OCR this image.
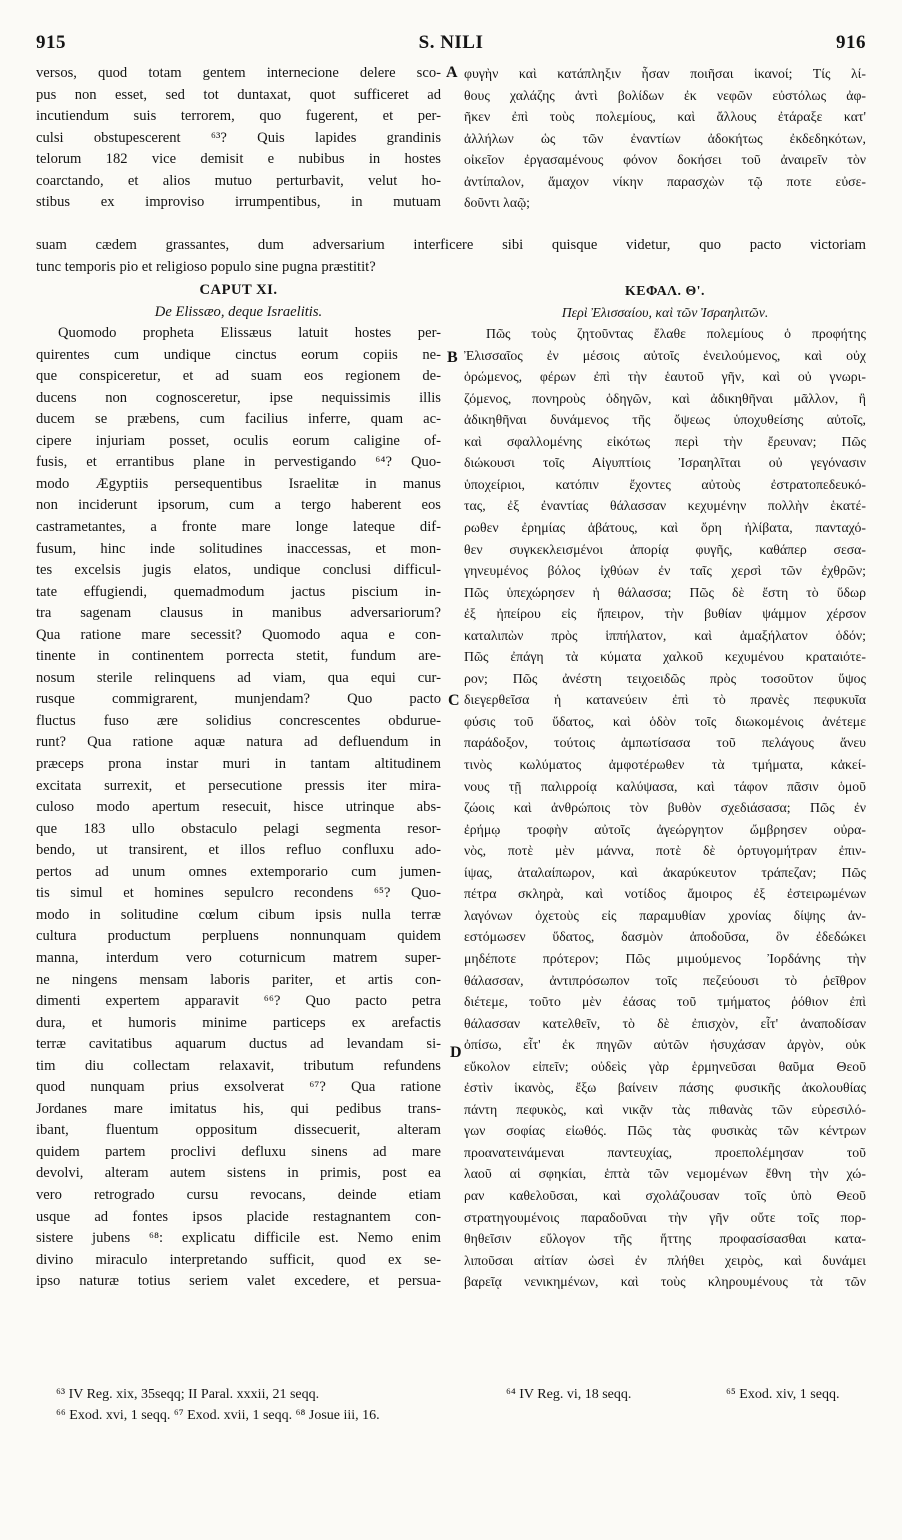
915	S. NILI	916
A
B
C
D
versos, quod totam gentem internecione delere sco-
pus non esset, sed tot duntaxat, quot sufficeret ad
incutiendum suis terrorem, quo fugerent, et per-
culsi obstupescerent ⁶³? Quis lapides grandinis
telorum 182 vice demisit e nubibus in hostes
coarctando, et alios mutuo perturbavit, velut ho-
stibus ex improviso irrumpentibus, in mutuam
φυγὴν καὶ κατάπληξιν ἦσαν ποιῆσαι ἱκανοί; Τίς λί-
θους χαλάζης ἀντὶ βολίδων ἐκ νεφῶν εὐστόλως ἀφ-
ῆκεν ἐπὶ τοὺς πολεμίους, καὶ ἄλλους ἐτάραξε κατ'
ἀλλήλων ὡς τῶν ἐναντίων ἀδοκήτως ἐκδεδηκότων,
οἰκεῖον ἐργασαμένους φόνον δοκήσει τοῦ ἀναιρεῖν τὸν
ἀντίπαλον, ἄμαχον νίκην παρασχὼν τῷ ποτε εὐσε-
δοῦντι λαῷ;
suam cædem grassantes, dum adversarium interficere sibi quisque videtur, quo pacto victoriam
tunc temporis pio et religioso populo sine pugna præstitit?
CAPUT XI.
De Elissæo, deque Israelitis.
Quomodo propheta Elissæus latuit hostes per-
quirentes cum undique cinctus eorum copiis ne-
que conspiceretur, et ad suam eos regionem de-
ducens non cognosceretur, ipse nequissimis illis
ducem se præbens, cum facilius inferre, quam ac-
cipere injuriam posset, oculis eorum caligine of-
fusis, et errantibus plane in pervestigando ⁶⁴? Quo-
modo Ægyptiis persequentibus Israelitæ in manus
non inciderunt ipsorum, cum a tergo haberent eos
castrametantes, a fronte mare longe lateque dif-
fusum, hinc inde solitudines inaccessas, et mon-
tes excelsis jugis elatos, undique conclusi difficul-
tate effugiendi, quemadmodum jactus piscium in-
tra sagenam clausus in manibus adversariorum?
Qua ratione mare secessit? Quomodo aqua e con-
tinente in continentem porrecta stetit, fundum are-
nosum sterile relinquens ad viam, qua equi cur-
rusque commigrarent, munjendam? Quo pacto
fluctus fuso ære solidius concrescentes obdurue-
runt? Qua ratione aquæ natura ad defluendum in
præceps prona instar muri in tantam altitudinem
excitata surrexit, et persecutione pressis iter mira-
culoso modo apertum resecuit, hisce utrinque abs-
que 183 ullo obstaculo pelagi segmenta resor-
bendo, ut transirent, et illos refluo confluxu ado-
pertos ad unum omnes extemporario cum jumen-
tis simul et homines sepulcro recondens ⁶⁵? Quo-
modo in solitudine cœlum cibum ipsis nulla terræ
cultura productum perpluens nonnunquam quidem
manna, interdum vero coturnicum matrem super-
ne ningens mensam laboris pariter, et artis con-
dimenti expertem apparavit ⁶⁶? Quo pacto petra
dura, et humoris minime particeps ex arefactis
terræ cavitatibus aquarum ductus ad levandam si-
tim diu collectam relaxavit, tributum refundens
quod nunquam prius exsolverat ⁶⁷? Qua ratione
Jordanes mare imitatus his, qui pedibus trans-
ibant, fluentum oppositum dissecuerit, alteram
quidem partem proclivi defluxu sinens ad mare
devolvi, alteram autem sistens in primis, post ea
vero retrogrado cursu revocans, deinde etiam
usque ad fontes ipsos placide restagnantem con-
sistere jubens ⁶⁸: explicatu difficile est. Nemo enim
divino miraculo interpretando sufficit, quod ex se-
ipso naturæ totius seriem valet excedere, et persua-
ΚΕΦΑΛ. Θ'.
Περὶ Ἐλισσαίου, καὶ τῶν Ἰσραηλιτῶν.
Πῶς τοὺς ζητοῦντας ἔλαθε πολεμίους ὁ προφήτης
Ἐλισσαῖος ἐν μέσοις αὐτοῖς ἐνειλούμενος, καὶ οὐχ
ὁρώμενος, φέρων ἐπὶ τὴν ἑαυτοῦ γῆν, καὶ οὐ γνωρι-
ζόμενος, πονηροὺς ὁδηγῶν, καὶ ἀδικηθῆναι μᾶλλον, ἢ
ἀδικηθῆναι δυνάμενος τῆς ὄψεως ὑποχυθείσης αὐτοῖς,
καὶ σφαλλομένης εἰκότως περὶ τὴν ἔρευναν; Πῶς
διώκουσι τοῖς Αἰγυπτίοις Ἰσραηλῖται οὐ γεγόνασιν
ὑποχείριοι, κατόπιν ἔχοντες αὐτοὺς ἐστρατοπεδευκό-
τας, ἐξ ἐναντίας θάλασσαν κεχυμένην πολλὴν ἑκατέ-
ρωθεν ἐρημίας ἀβάτους, καὶ ὄρη ἠλίβατα, πανταχό-
θεν συγκεκλεισμένοι ἀπορίᾳ φυγῆς, καθάπερ σεσα-
γηνευμένος βόλος ἰχθύων ἐν ταῖς χερσὶ τῶν ἐχθρῶν;
Πῶς ὑπεχώρησεν ἡ θάλασσα; Πῶς δὲ ἔστη τὸ ὕδωρ
ἐξ ἠπείρου εἰς ἤπειρον, τὴν βυθίαν ψάμμον χέρσον
καταλιπὼν πρὸς ἱππήλατον, καὶ ἁμαξήλατον ὁδόν;
Πῶς ἐπάγη τὰ κύματα χαλκοῦ κεχυμένου κραταιότε-
ρον; Πῶς ἀνέστη τειχοειδῶς πρὸς τοσοῦτον ὕψος
διεγερθεῖσα ἡ κατανεύειν ἐπὶ τὸ πρανὲς πεφυκυῖα
φύσις τοῦ ὕδατος, καὶ ὁδὸν τοῖς διωκομένοις ἀνέτεμε
παράδοξον, τούτοις ἀμπωτίσασα τοῦ πελάγους ἄνευ
τινὸς κωλύματος ἀμφοτέρωθεν τὰ τμήματα, κἀκεί-
νους τῇ παλιρροίᾳ καλύψασα, καὶ τάφον πᾶσιν ὁμοῦ
ζώοις καὶ ἀνθρώποις τὸν βυθὸν σχεδιάσασα; Πῶς ἐν
ἐρήμῳ τροφὴν αὐτοῖς ἀγεώργητον ὤμβρησεν οὐρα-
νὸς, ποτὲ μὲν μάννα, ποτὲ δὲ ὀρτυγομήτραν ἐπιν-
ίψας, ἀταλαίπωρον, καὶ ἀκαρύκευτον τράπεζαν; Πῶς
πέτρα σκληρὰ, καὶ νοτίδος ἄμοιρος ἐξ ἐστειρωμένων
λαγόνων ὀχετοὺς εἰς παραμυθίαν χρονίας δίψης ἀν-
εστόμωσεν ὕδατος, δασμὸν ἀποδοῦσα, ὃν ἐδεδώκει
μηδέποτε πρότερον; Πῶς μιμούμενος Ἰορδάνης τὴν
θάλασσαν, ἀντιπρόσωπον τοῖς πεζεύουσι τὸ ῥεῖθρον
διέτεμε, τοῦτο μὲν ἐάσας τοῦ τμήματος ῥόθιον ἐπὶ
θάλασσαν κατελθεῖν, τὸ δὲ ἐπισχὸν, εἶτ' ἀναποδίσαν
ὀπίσω, εἶτ' ἐκ πηγῶν αὐτῶν ἡσυχάσαν ἀργὸν, οὐκ
εὔκολον εἰπεῖν; οὐδεὶς γὰρ ἑρμηνεῦσαι θαῦμα Θεοῦ
ἐστὶν ἱκανὸς, ἔξω βαίνειν πάσης φυσικῆς ἀκολουθίας
πάντη πεφυκὸς, καὶ νικᾷν τὰς πιθανὰς τῶν εὑρεσιλό-
γων σοφίας εἰωθός. Πῶς τὰς φυσικὰς τῶν κέντρων
προανατεινάμεναι παντευχίας, προεπολέμησαν τοῦ
λαοῦ αἱ σφηκίαι, ἑπτὰ τῶν νεμομένων ἔθνη τὴν χώ-
ραν καθελοῦσαι, καὶ σχολάζουσαν τοῖς ὑπὸ Θεοῦ
στρατηγουμένοις παραδοῦναι τὴν γῆν οὔτε τοῖς πορ-
θηθεῖσιν εὔλογον τῆς ἥττης προφασίσασθαι κατα-
λιποῦσαι αἰτίαν ὡσεὶ ἐν πλήθει χειρὸς, καὶ δυνάμει
βαρεῖᾳ νενικημένων, καὶ τοὺς κληρουμένους τὰ τῶν
⁶³ IV Reg. xix, 35seqq; II Paral. xxxii, 21 seqq.	⁶⁴ IV Reg. vi, 18 seqq.	⁶⁵ Exod. xiv, 1 seqq.
⁶⁶ Exod. xvi, 1 seqq. ⁶⁷ Exod. xvii, 1 seqq. ⁶⁸ Josue iii, 16.
